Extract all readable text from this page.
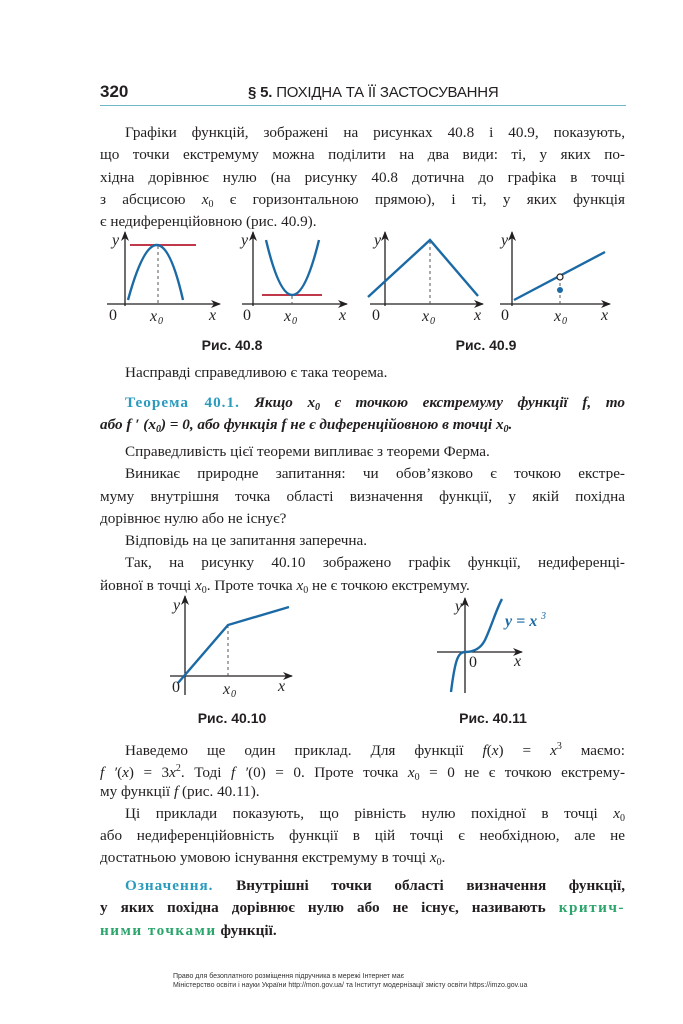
320	§ 5. ПОХІДНА ТА ЇЇ ЗАСТОСУВАННЯ
Графіки функцій, зображені на рисунках 40.8 і 40.9, показують,
що точки екстремуму можна поділити на два види: ті, у яких по-
хідна дорівнює нулю (на рисунку 40.8 дотична до графіка в точці
з абсцисою x0 є горизонтальною прямою), і ті, у яких функція
є недиференційовною (рис. 40.9).
Насправді справедливою є така теорема.
Теорема 40.1. Якщо x0 є точкою екстремуму функції f, то
або f ′ (x0) = 0, або функція f не є диференційовною в точці x0.
Справедливість цієї теореми випливає з теореми Ферма.
Виникає природне запитання: чи обов’язково є точкою екстре-
муму внутрішня точка області визначення функції, у якій похідна
дорівнює нулю або не існує?
Відповідь на це запитання заперечна.
Так, на рисунку 40.10 зображено графік функції, недиференці-
йовної в точці x0. Проте точка x0 не є точкою екстремуму.
Наведемо ще один приклад. Для функції $f(x) = x^3$ маємо:
f $'(x) = 3x^2$. Тоді f ′(0) = 0. Проте точка x0 = 0 не є точкою екстрему-
му функції f (рис. 40.11).
Ці приклади показують, що рівність нулю похідної в точці x0
або недиференційовність функції в цій точці є необхідною, але не
достатньою умовою існування екстремуму в точці x0.
Означення. Внутрішні точки області визначення функції,
у яких похідна дорівнює нулю або не існує, називають критич-
ними точками функції.
y
0 x 0	x
y
0 x 0	x
Рис. 40.8
y
0	x 0 x
y
0	x 0 x
Рис. 40.9
y
0	x 0	x
Рис. 40.10
y
0 x
y = x 3
Рис. 40.11
Право для безоплатного розміщення підручника в мережі Інтернет має
Міністерство освіти і науки України http://mon.gov.ua/ та Інститут модернізації змісту освіти https://imzo.gov.ua
